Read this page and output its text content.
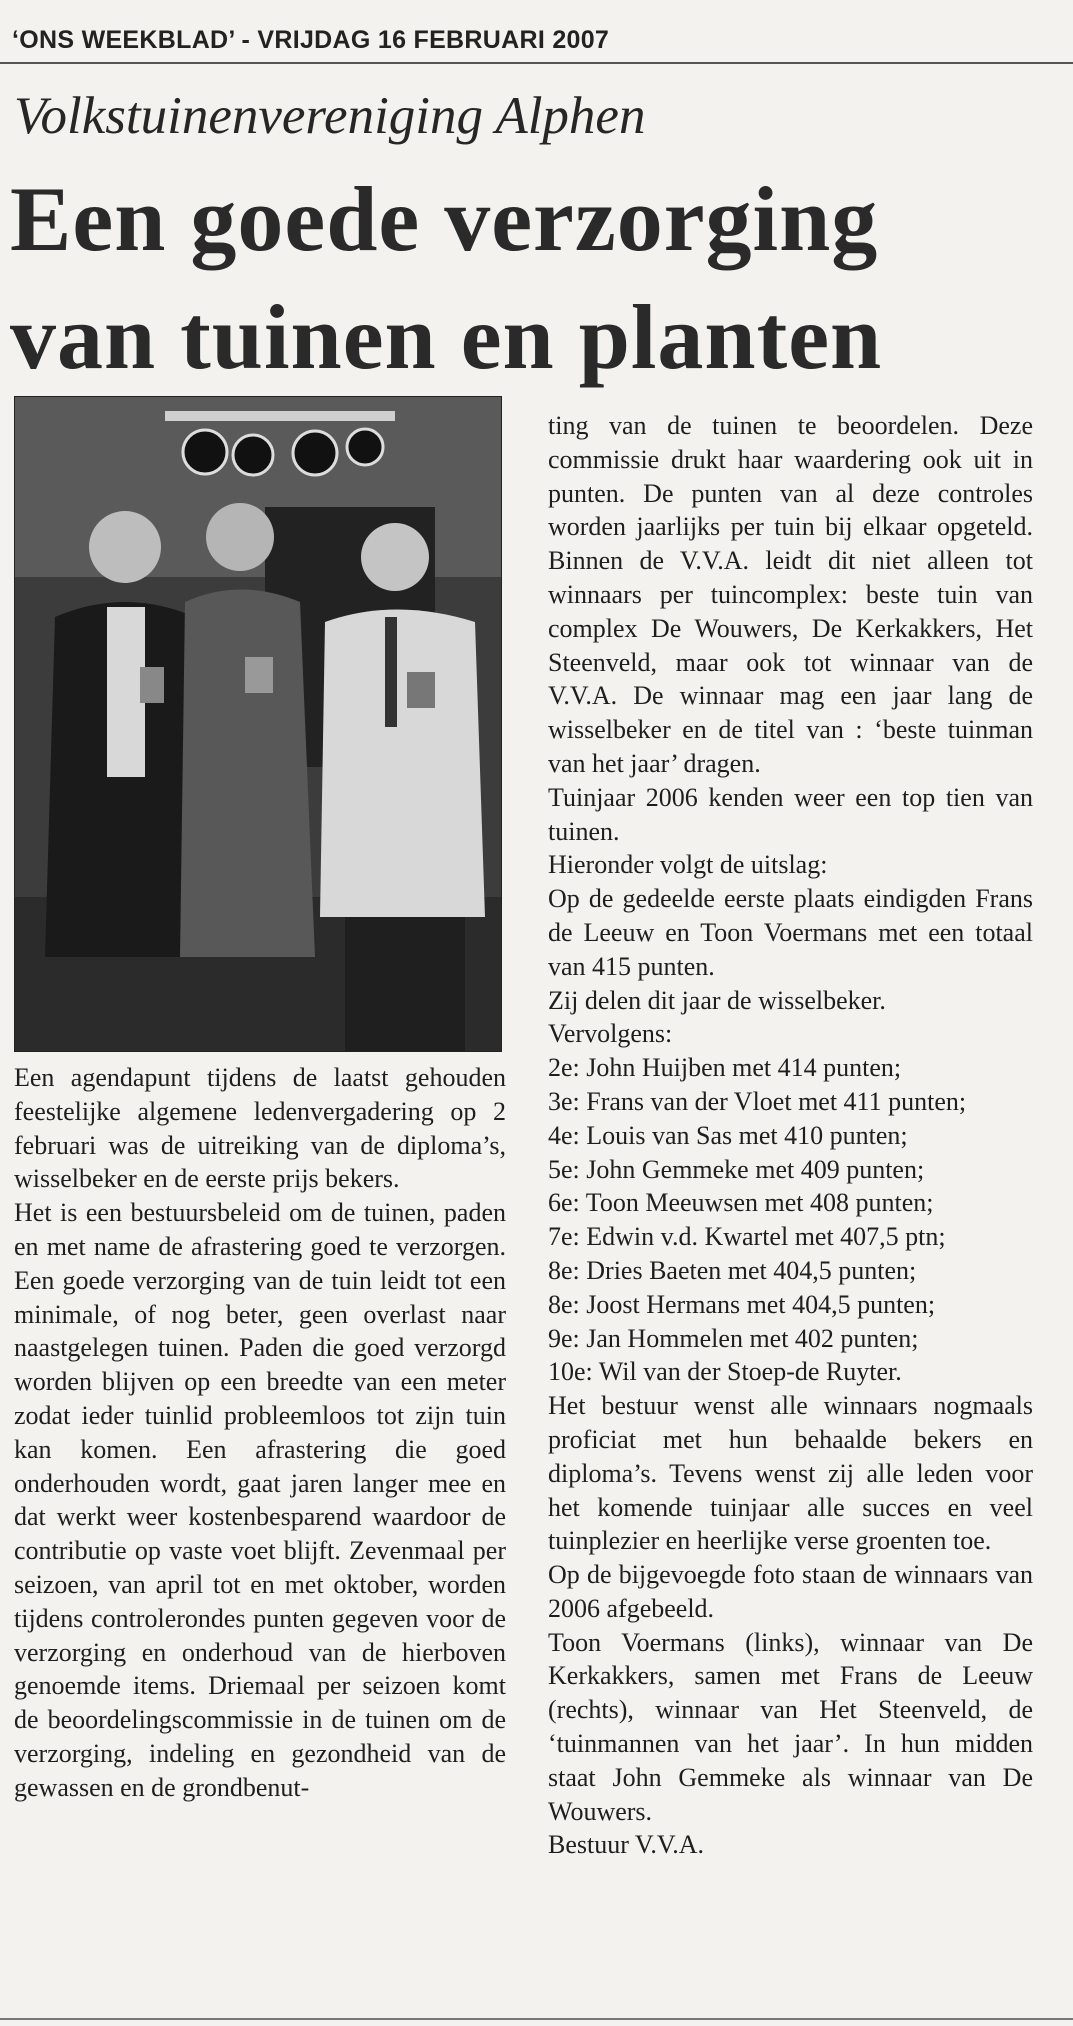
‘ONS WEEKBLAD’ - VRIJDAG 16 FEBRUARI 2007
Volkstuinenvereniging Alphen
Een goede verzorging
van tuinen en planten

Een agendapunt tijdens de laatst gehouden feestelijke algemene ledenvergadering op 2 februari was de uitreiking van de diploma’s, wisselbeker en de eerste prijs bekers.

Het is een bestuursbeleid om de tuinen, paden en met name de afrastering goed te verzorgen. Een goede verzorging van de tuin leidt tot een minimale, of nog beter, geen overlast naar naastgelegen tuinen. Paden die goed verzorgd worden blijven op een breedte van een meter zodat ieder tuinlid probleemloos tot zijn tuin kan komen. Een afrastering die goed onderhouden wordt, gaat jaren langer mee en dat werkt weer kostenbesparend waardoor de contributie op vaste voet blijft. Zevenmaal per seizoen, van april tot en met oktober, worden tijdens controlerondes punten gegeven voor de verzorging en onderhoud van de hierboven genoemde items. Driemaal per seizoen komt de beoordelingscommissie in de tuinen om de verzorging, indeling en gezondheid van de gewassen en de grondbenut-

ting van de tuinen te beoordelen. Deze commissie drukt haar waardering ook uit in punten. De punten van al deze controles worden jaarlijks per tuin bij elkaar opgeteld. Binnen de V.V.A. leidt dit niet alleen tot winnaars per tuincomplex: beste tuin van complex De Wouwers, De Kerkakkers, Het Steenveld, maar ook tot winnaar van de V.V.A. De winnaar mag een jaar lang de wisselbeker en de titel van : ‘beste tuinman van het jaar’ dragen.

Tuinjaar 2006 kenden weer een top tien van tuinen.

Hieronder volgt de uitslag:

Op de gedeelde eerste plaats eindigden Frans de Leeuw en Toon Voermans met een totaal van 415 punten.

Zij delen dit jaar de wisselbeker.

Vervolgens:

2e: John Huijben met 414 punten;

3e: Frans van der Vloet met 411 punten;

4e: Louis van Sas met 410 punten;

5e: John Gemmeke met 409 punten;

6e: Toon Meeuwsen met 408 punten;

7e: Edwin v.d. Kwartel met 407,5 ptn;

8e: Dries Baeten met 404,5 punten;

8e: Joost Hermans met 404,5 punten;

9e: Jan Hommelen met 402 punten;

10e: Wil van der Stoep-de Ruyter.

Het bestuur wenst alle winnaars nogmaals proficiat met hun behaalde bekers en diploma’s. Tevens wenst zij alle leden voor het komende tuinjaar alle succes en veel tuinplezier en heerlijke verse groenten toe.

Op de bijgevoegde foto staan de winnaars van 2006 afgebeeld.

Toon Voermans (links), winnaar van De Kerkakkers, samen met Frans de Leeuw (rechts), winnaar van Het Steenveld, de ‘tuinmannen van het jaar’. In hun midden staat John Gemmeke als winnaar van De Wouwers.

Bestuur V.V.A.
